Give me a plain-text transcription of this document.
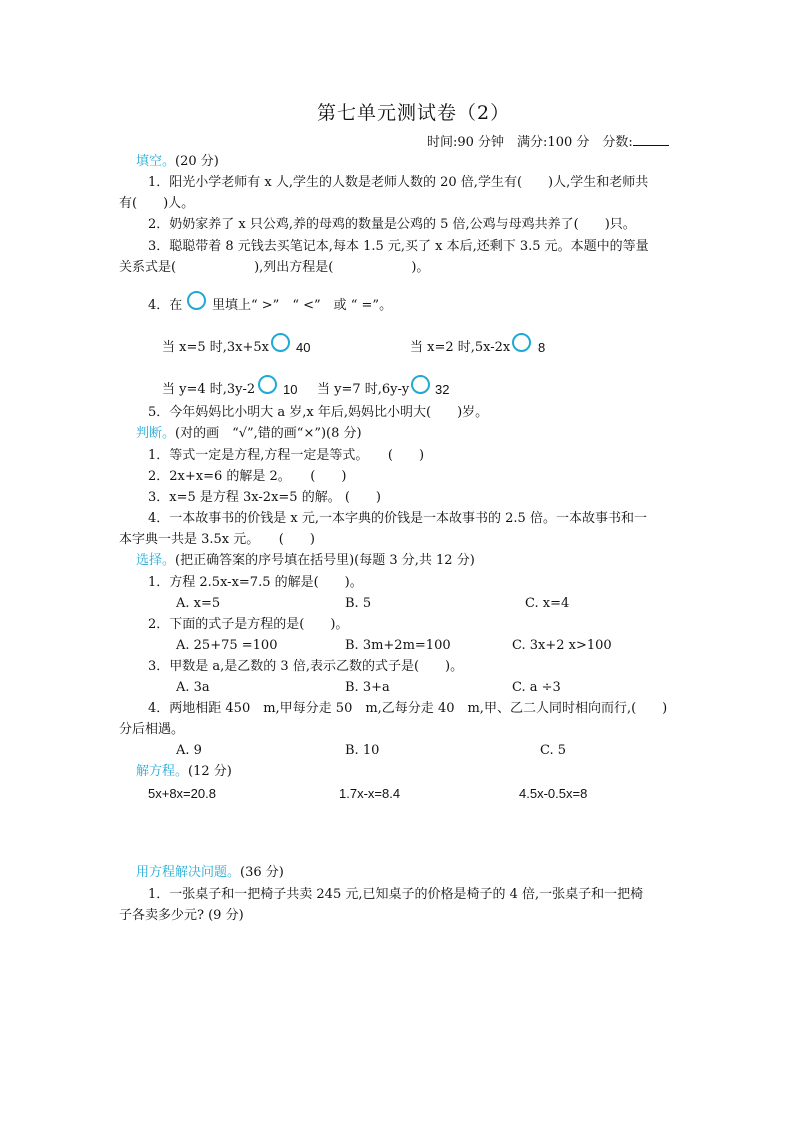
第七单元测试卷（2）
时间:90 分钟　满分:100 分　分数:
填空。(20 分)
1．阳光小学老师有 x 人,学生的人数是老师人数的 20 倍,学生有(　　)人,学生和老师共
有(　　)人。
2．奶奶家养了 x 只公鸡,养的母鸡的数量是公鸡的 5 倍,公鸡与母鸡共养了(　　)只。
3．聪聪带着 8 元钱去买笔记本,每本 1.5 元,买了 x 本后,还剩下 3.5 元。本题中的等量
关系式是(　　　　　　),列出方程是(　　　　　　)。
4．在 里填上“ >”　“ <”　或 “ =”。
当 x=5 时,3x+5x 40	当 x=2 时,5x-2x 8
当 y=4 时,3y-2 10 当 y=7 时,6y-y 32
5．今年妈妈比小明大 a 岁,x 年后,妈妈比小明大(　　)岁。
判断。(对的画　“√”,错的画“×”)(8 分)
1．等式一定是方程,方程一定是等式。　　(　　)
2．2x+x=6 的解是 2。　　(　　)
3．x=5 是方程 3x-2x=5 的解。 (　　)
4．一本故事书的价钱是 x 元,一本字典的价钱是一本故事书的 2.5 倍。一本故事书和一
本字典一共是 3.5x 元。　　(　　)
选择。(把正确答案的序号填在括号里)(每题 3 分,共 12 分)
1．方程 2.5x-x=7.5 的解是(　　)。
A. x=5	B. 5	C. x=4
2．下面的式子是方程的是(　　)。
A. 25+75 =100	B. 3m+2m=100	C. 3x+2 x>100
3．甲数是 a,是乙数的 3 倍,表示乙数的式子是(　　)。
A. 3a	B. 3+a	C. a ÷3
4．两地相距 450　m,甲每分走 50　m,乙每分走 40　m,甲、乙二人同时相向而行,(　　)
分后相遇。
A. 9	B. 10	C. 5
解方程。(12 分)
5x+8x=20.8	1.7x-x=8.4	4.5x-0.5x=8
用方程解决问题。(36 分)
1．一张桌子和一把椅子共卖 245 元,已知桌子的价格是椅子的 4 倍,一张桌子和一把椅
子各卖多少元? (9 分)
